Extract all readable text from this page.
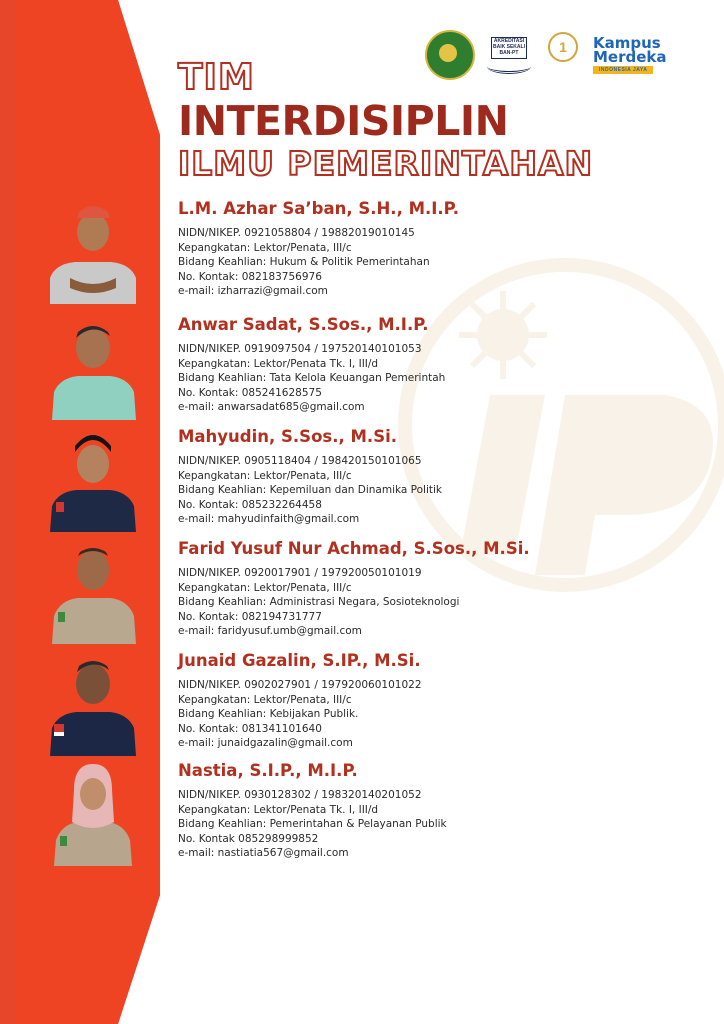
AKREDITASI BAIK SEKALI BAN-PT	1	Kampus
Merdeka
INDONESIA JAYA
TIM
INTERDISIPLIN
ILMU PEMERINTAHAN
L.M. Azhar Sa’ban, S.H., M.I.P.
NIDN/NIKEP. 0921058804 / 19882019010145
Kepangkatan: Lektor/Penata, III/c
Bidang Keahlian: Hukum & Politik Pemerintahan
No. Kontak: 082183756976
e-mail: izharrazi@gmail.com
Anwar Sadat, S.Sos., M.I.P.
NIDN/NIKEP. 0919097504 / 197520140101053
Kepangkatan: Lektor/Penata Tk. I, III/d
Bidang Keahlian: Tata Kelola Keuangan Pemerintah
No. Kontak: 085241628575
e-mail: anwarsadat685@gmail.com
Mahyudin, S.Sos., M.Si.
NIDN/NIKEP. 0905118404 / 198420150101065
Kepangkatan: Lektor/Penata, III/c
Bidang Keahlian: Kepemiluan dan Dinamika Politik
No. Kontak: 085232264458
e-mail: mahyudinfaith@gmail.com
Farid Yusuf Nur Achmad, S.Sos., M.Si.
NIDN/NIKEP. 0920017901 / 197920050101019
Kepangkatan: Lektor/Penata, III/c
Bidang Keahlian: Administrasi Negara, Sosioteknologi
No. Kontak: 082194731777
e-mail: faridyusuf.umb@gmail.com
Junaid Gazalin, S.IP., M.Si.
NIDN/NIKEP. 0902027901 / 197920060101022
Kepangkatan: Lektor/Penata, III/c
Bidang Keahlian: Kebijakan Publik.
No. Kontak: 081341101640
e-mail: junaidgazalin@gmail.com
Nastia, S.I.P., M.I.P.
NIDN/NIKEP. 0930128302 / 198320140201052
Kepangkatan: Lektor/Penata Tk. I, III/d
Bidang Keahlian: Pemerintahan & Pelayanan Publik
No. Kontak 085298999852
e-mail: nastiatia567@gmail.com
